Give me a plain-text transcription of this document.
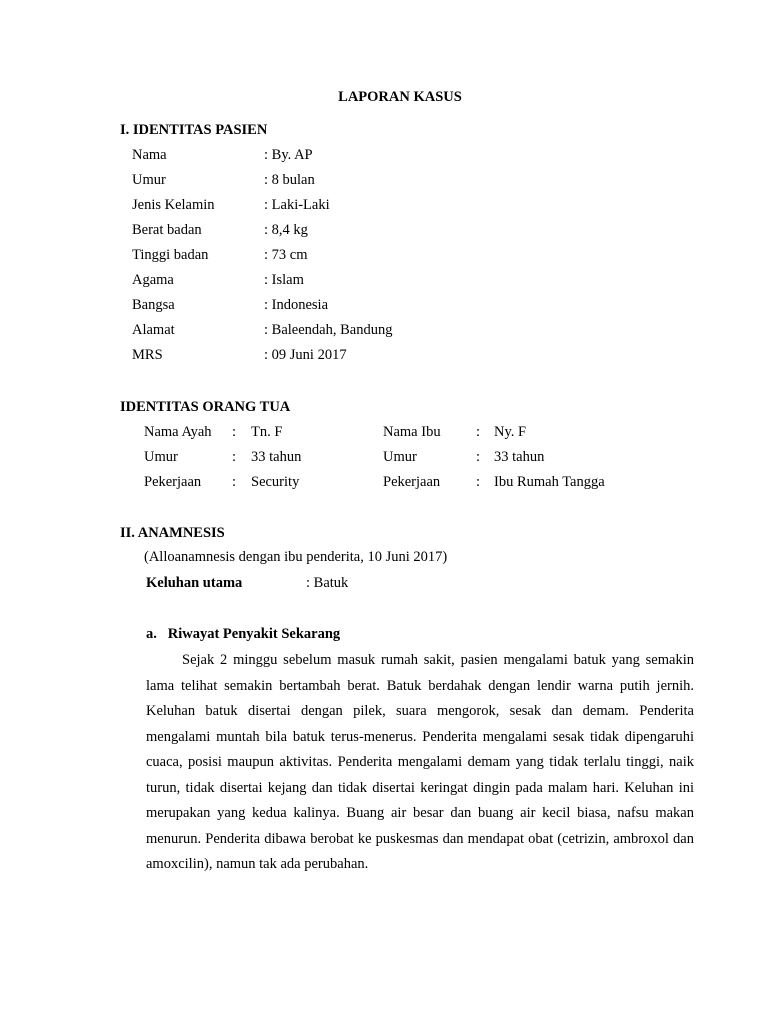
LAPORAN KASUS
I. IDENTITAS PASIEN
Nama	: By. AP
Umur	: 8 bulan
Jenis Kelamin	: Laki-Laki
Berat badan	: 8,4 kg
Tinggi badan	: 73 cm
Agama	: Islam
Bangsa	: Indonesia
Alamat	: Baleendah, Bandung
MRS	: 09 Juni 2017
IDENTITAS ORANG TUA
Nama Ayah : Tn. F	Nama Ibu : Ny. F
Umur	: 33 tahun	Umur	: 33 tahun
Pekerjaan : Security	Pekerjaan : Ibu Rumah Tangga
II. ANAMNESIS
(Alloanamnesis dengan ibu penderita, 10 Juni 2017)
Keluhan utama	: Batuk
a.   Riwayat Penyakit Sekarang
Sejak 2 minggu sebelum masuk rumah sakit, pasien mengalami batuk yang semakin lama telihat semakin bertambah berat. Batuk berdahak dengan lendir warna putih jernih. Keluhan batuk disertai dengan pilek, suara mengorok, sesak dan demam. Penderita mengalami muntah bila batuk terus-menerus. Penderita mengalami sesak tidak dipengaruhi cuaca, posisi maupun aktivitas. Penderita mengalami demam yang tidak terlalu tinggi, naik turun, tidak disertai kejang dan tidak disertai keringat dingin pada malam hari. Keluhan ini merupakan yang kedua kalinya. Buang air besar dan buang air kecil biasa, nafsu makan menurun. Penderita dibawa berobat ke puskesmas dan mendapat obat (cetrizin, ambroxol dan amoxcilin), namun tak ada perubahan.
